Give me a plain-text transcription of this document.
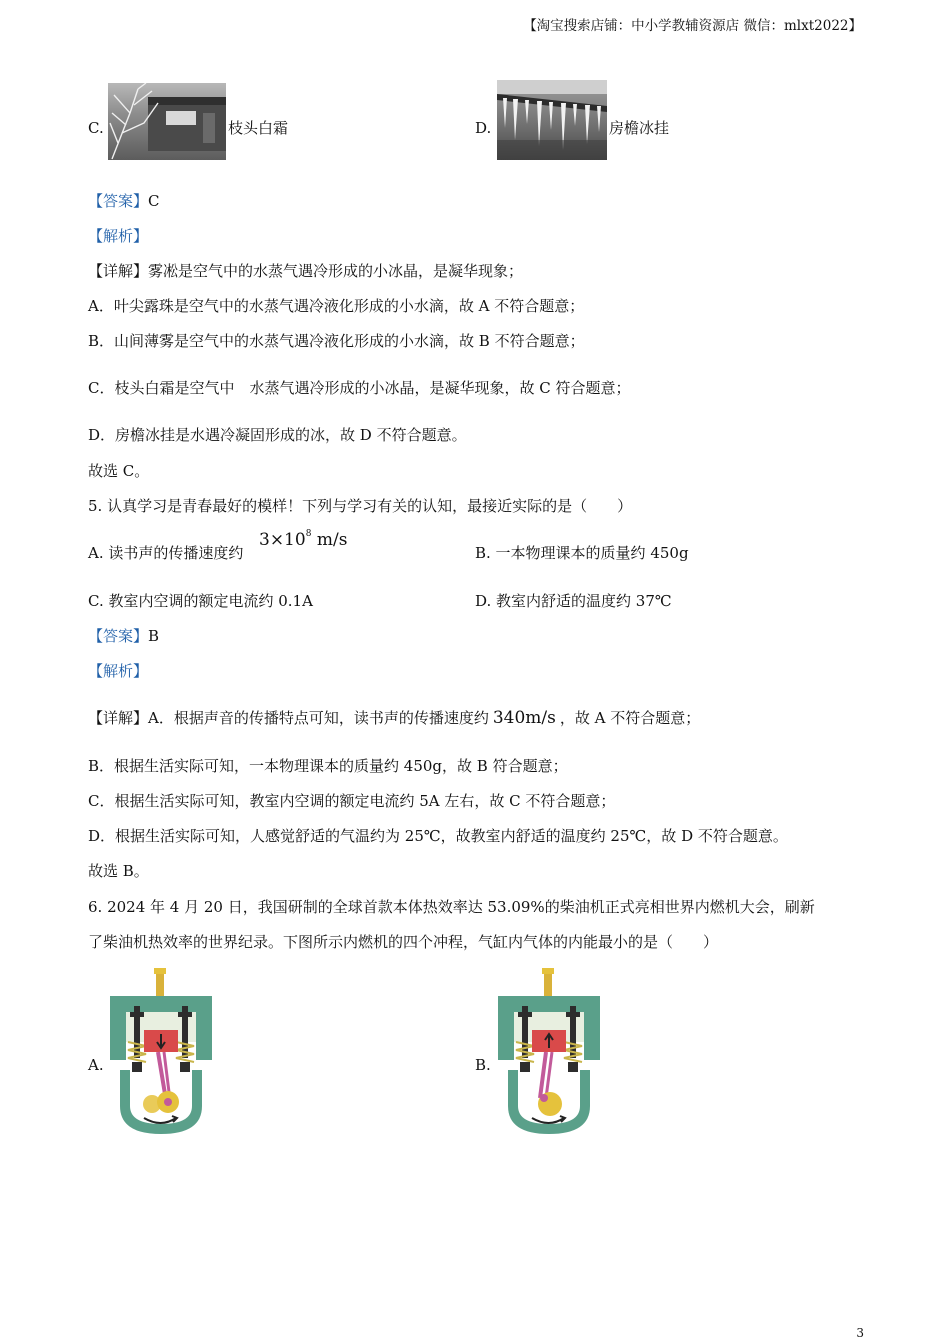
【淘宝搜索店铺：中小学教辅资源店 微信：mlxt2022】
C.	枝头白霜	D.	房檐冰挂
【答案】C
【解析】
【详解】雾凇是空气中的水蒸气遇冷形成的小冰晶，是凝华现象；
A．叶尖露珠是空气中的水蒸气遇冷液化形成的小水滴，故 A 不符合题意；
B．山间薄雾是空气中的水蒸气遇冷液化形成的小水滴，故 B 不符合题意；
C．枝头白霜是空气中　水蒸气遇冷形成的小冰晶，是凝华现象，故 C 符合题意；
D．房檐冰挂是水遇冷凝固形成的冰，故 D 不符合题意。
故选 C。
5. 认真学习是青春最好的模样！下列与学习有关的认知，最接近实际的是（　　）
A. 读书声的传播速度约
$3\times 10^8$ m/s
B. 一本物理课本的质量约 450g
C. 教室内空调的额定电流约 0.1A	D. 教室内舒适的温度约 37℃
【答案】B
【解析】
【详解】A．根据声音的传播特点可知，读书声的传播速度约 340m/s ，故 A 不符合题意；
B．根据生活实际可知，一本物理课本的质量约 450g，故 B 符合题意；
C．根据生活实际可知，教室内空调的额定电流约 5A 左右，故 C 不符合题意；
D．根据生活实际可知，人感觉舒适的气温约为 25℃，故教室内舒适的温度约 25℃，故 D 不符合题意。
故选 B。
6. 2024 年 4 月 20 日，我国研制的全球首款本体热效率达 53.09%的柴油机正式亮相世界内燃机大会，刷新
了柴油机热效率的世界纪录。下图所示内燃机的四个冲程，气缸内气体的内能最小的是（　　）
A.	B.
3
